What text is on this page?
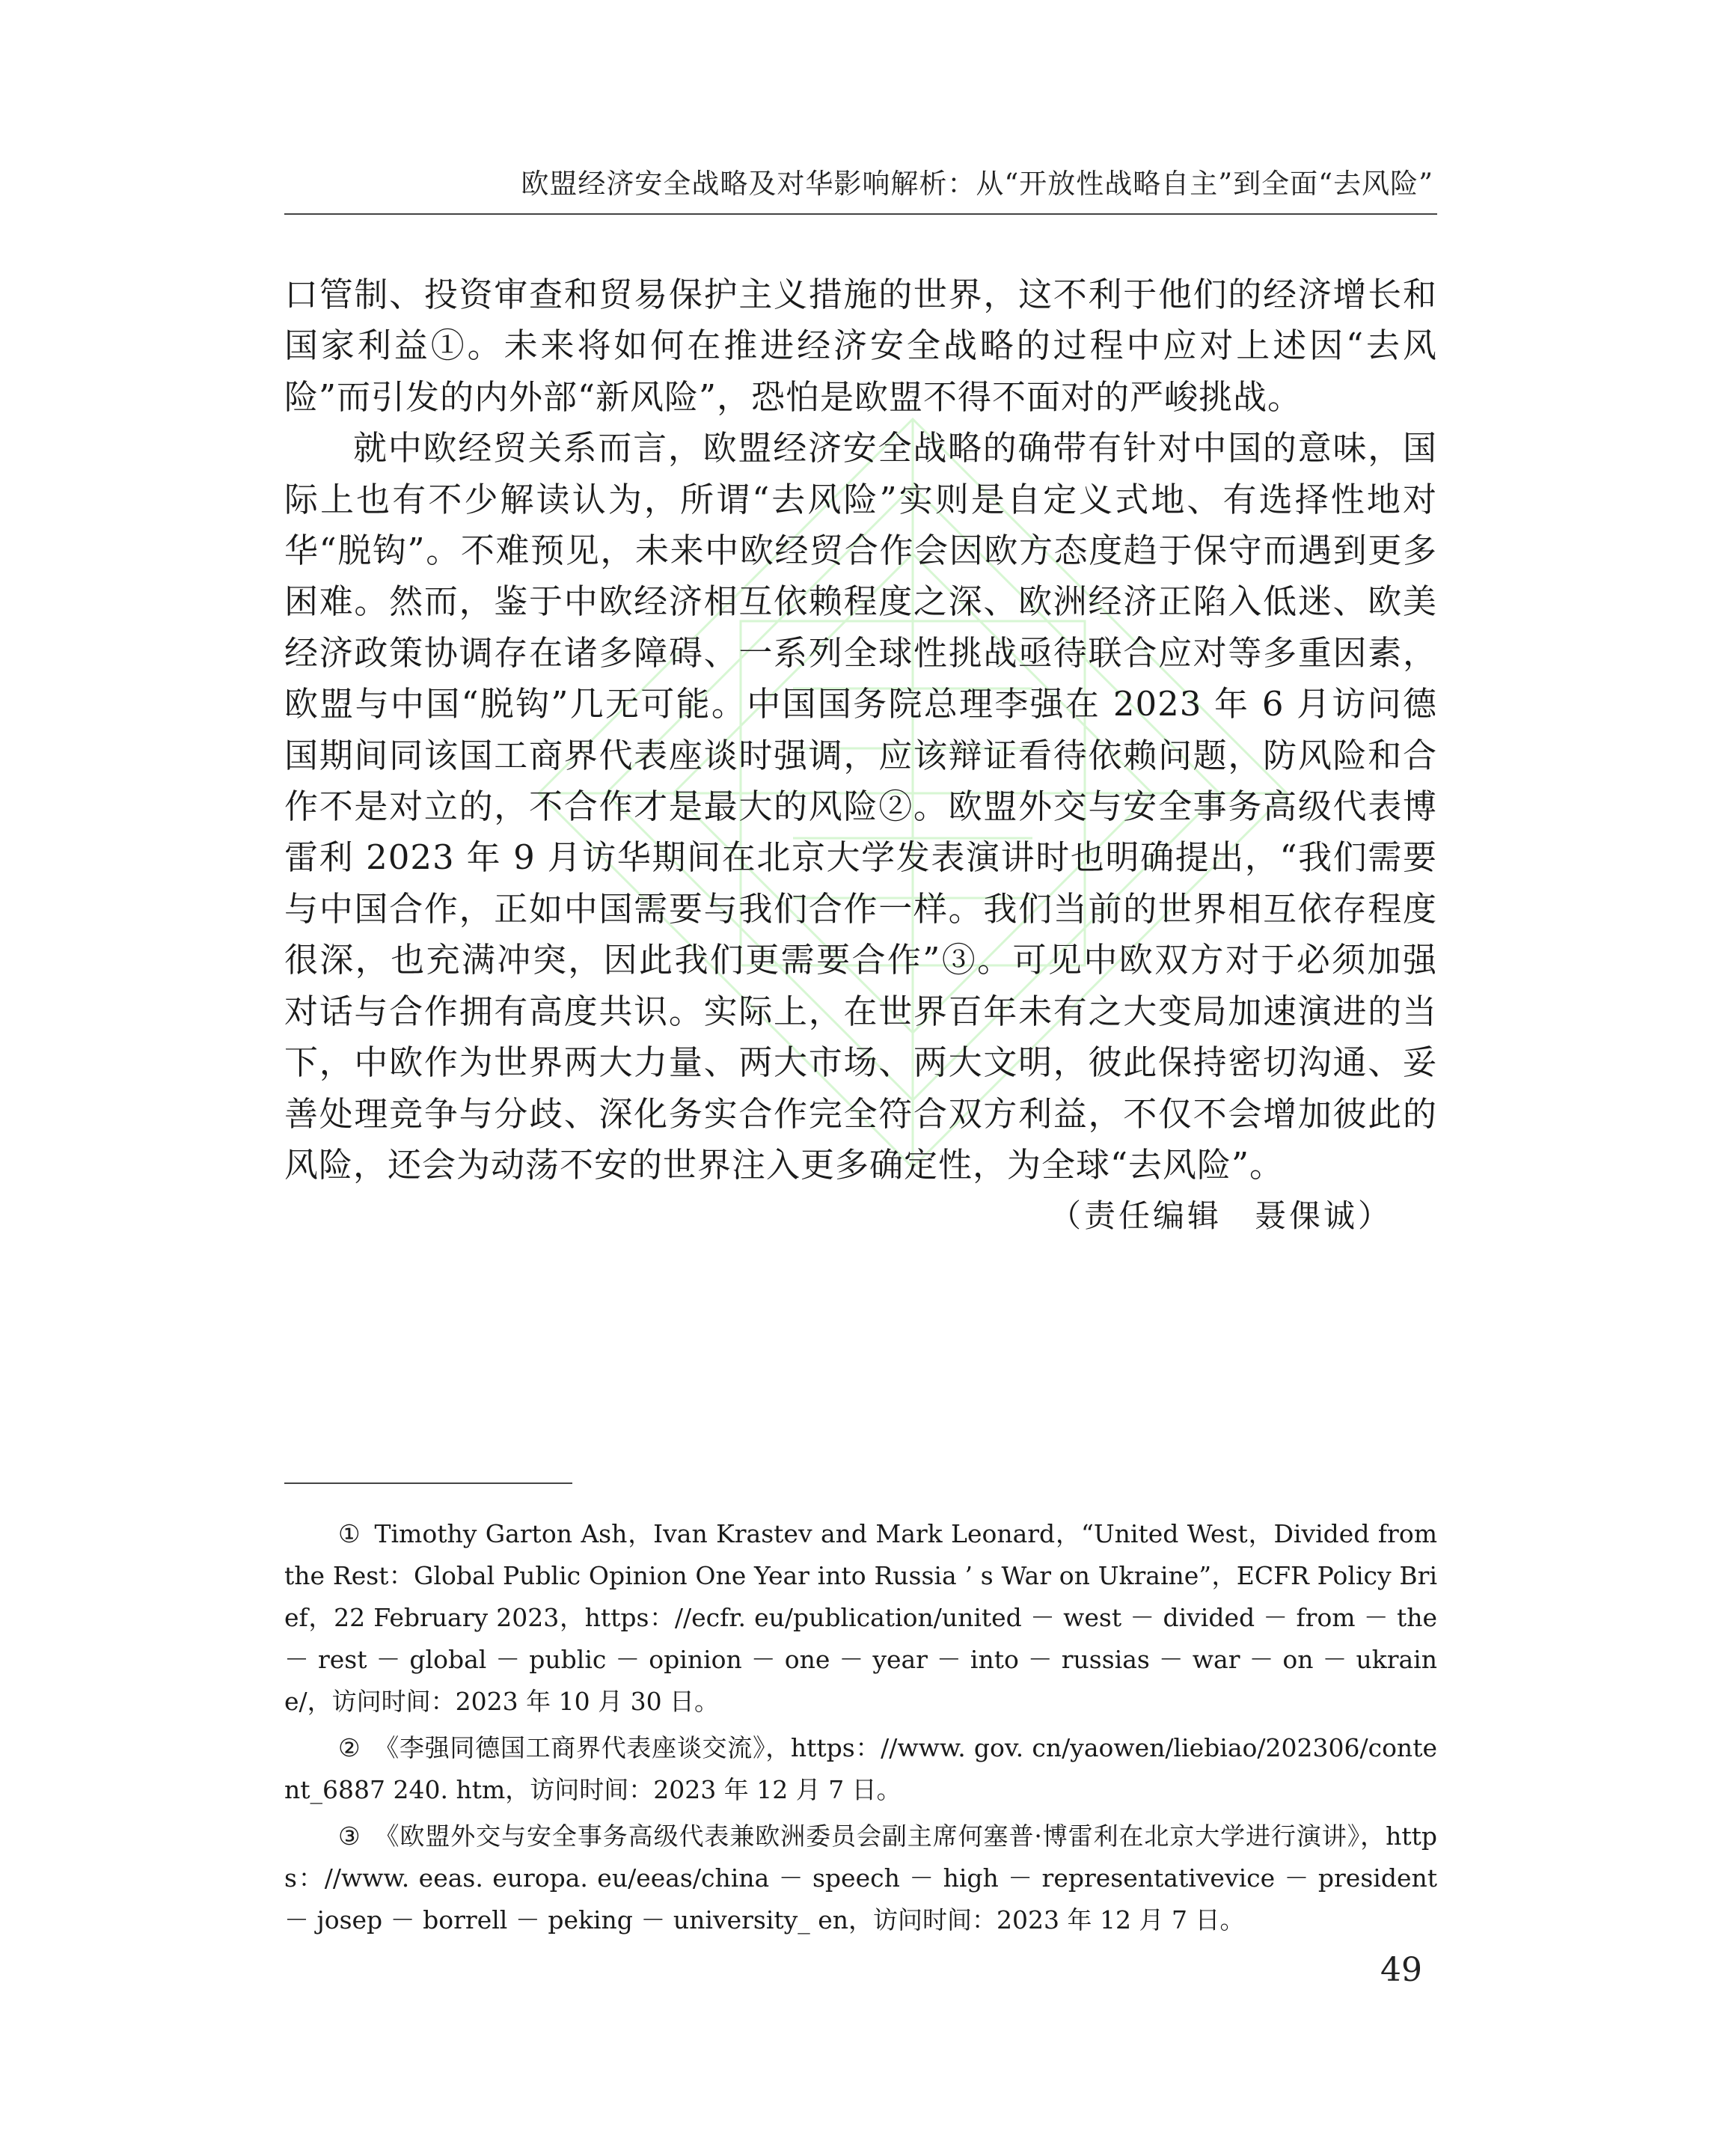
欧盟经济安全战略及对华影响解析：从“开放性战略自主”到全面“去风险”

口管制、投资审查和贸易保护主义措施的世界，这不利于他们的经济增长和国家利益①。未来将如何在推进经济安全战略的过程中应对上述因“去风险”而引发的内外部“新风险”，恐怕是欧盟不得不面对的严峻挑战。

就中欧经贸关系而言，欧盟经济安全战略的确带有针对中国的意味，国际上也有不少解读认为，所谓“去风险”实则是自定义式地、有选择性地对华“脱钩”。不难预见，未来中欧经贸合作会因欧方态度趋于保守而遇到更多困难。然而，鉴于中欧经济相互依赖程度之深、欧洲经济正陷入低迷、欧美经济政策协调存在诸多障碍、一系列全球性挑战亟待联合应对等多重因素，欧盟与中国“脱钩”几无可能。中国国务院总理李强在 2023 年 6 月访问德国期间同该国工商界代表座谈时强调，应该辩证看待依赖问题，防风险和合作不是对立的，不合作才是最大的风险②。欧盟外交与安全事务高级代表博雷利 2023 年 9 月访华期间在北京大学发表演讲时也明确提出，“我们需要与中国合作，正如中国需要与我们合作一样。我们当前的世界相互依存程度很深，也充满冲突，因此我们更需要合作”③。可见中欧双方对于必须加强对话与合作拥有高度共识。实际上，在世界百年未有之大变局加速演进的当下，中欧作为世界两大力量、两大市场、两大文明，彼此保持密切沟通、妥善处理竞争与分歧、深化务实合作完全符合双方利益，不仅不会增加彼此的风险，还会为动荡不安的世界注入更多确定性，为全球“去风险”。

（责任编辑 聂倮诚）

① Timothy Garton Ash，Ivan Krastev and Mark Leonard，“United West，Divided from the Rest：Global Public Opinion One Year into Russia ’ s War on Ukraine”，ECFR Policy Brief，22 February 2023，https：//ecfr. eu/publication/united － west － divided － from － the － rest － global － public － opinion － one － year － into － russias － war － on － ukraine/，访问时间：2023 年 10 月 30 日。

② 《李强同德国工商界代表座谈交流》，https：//www. gov. cn/yaowen/liebiao/202306/content_6887 240. htm，访问时间：2023 年 12 月 7 日。

③ 《欧盟外交与安全事务高级代表兼欧洲委员会副主席何塞普·博雷利在北京大学进行演讲》，https：//www. eeas. europa. eu/eeas/china － speech － high － representativevice － president － josep － borrell － peking － university_ en，访问时间：2023 年 12 月 7 日。

49
